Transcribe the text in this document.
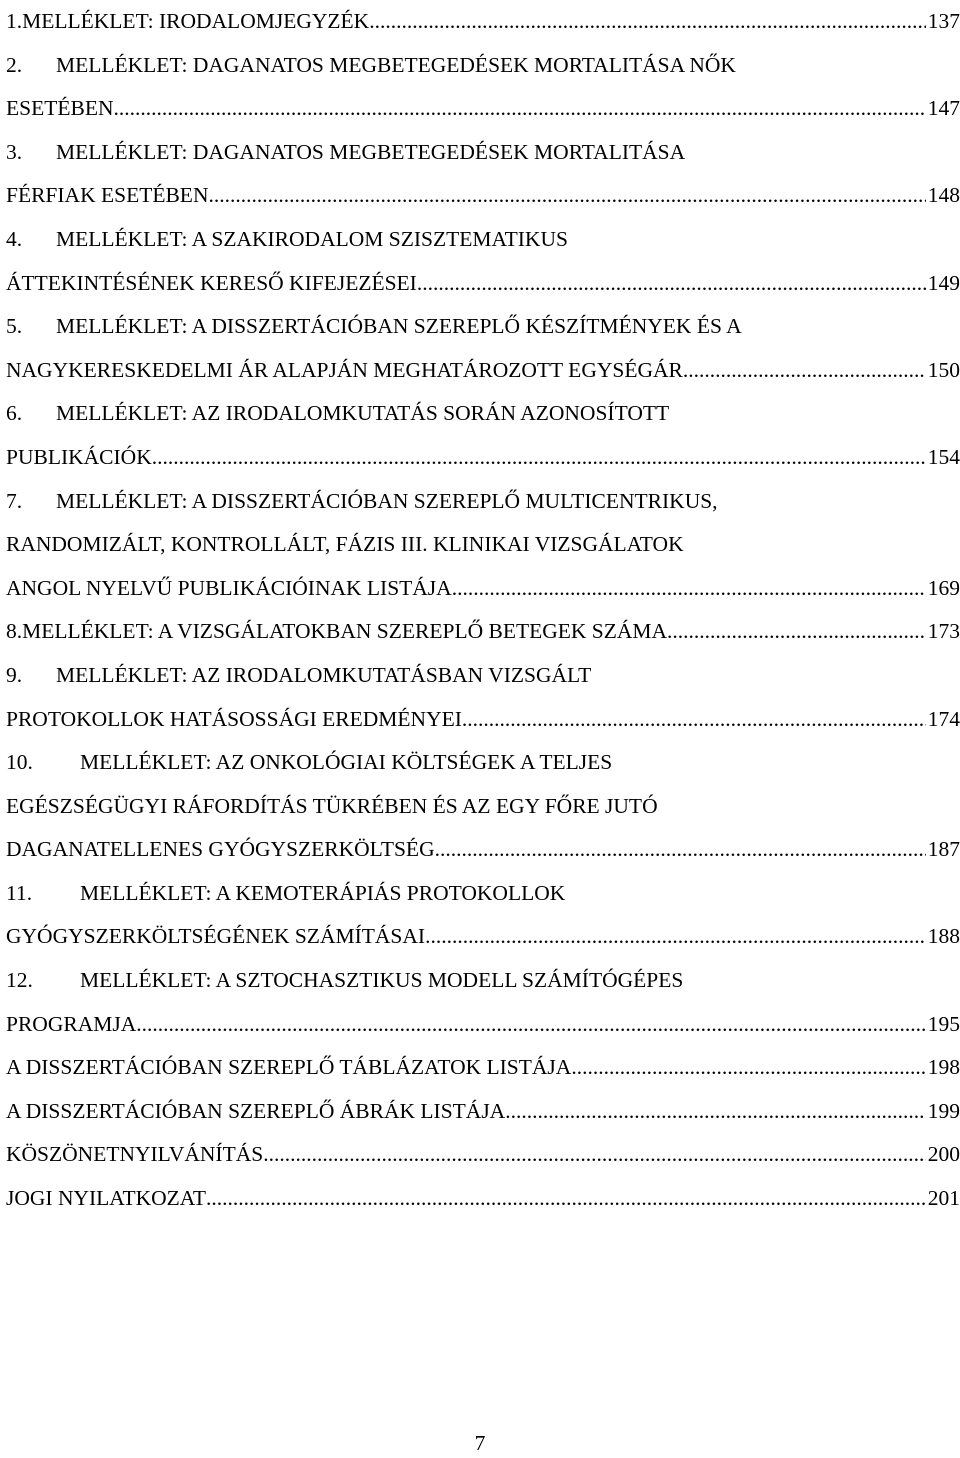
1. MELLÉKLET: IRODALOMJEGYZÉK .....	137
2. MELLÉKLET: DAGANATOS MEGBETEGEDÉSEK MORTALITÁSA NŐK
ESETÉBEN .....	147
3. MELLÉKLET: DAGANATOS MEGBETEGEDÉSEK MORTALITÁSA
FÉRFIAK ESETÉBEN .....	148
4. MELLÉKLET: A SZAKIRODALOM SZISZTEMATIKUS
ÁTTEKINTÉSÉNEK KERESŐ KIFEJEZÉSEI .....	149
5. MELLÉKLET: A DISSZERTÁCIÓBAN SZEREPLŐ KÉSZÍTMÉNYEK ÉS A
NAGYKERESKEDELMI ÁR ALAPJÁN MEGHATÁROZOTT EGYSÉGÁR .....	150
6. MELLÉKLET: AZ IRODALOMKUTATÁS SORÁN AZONOSÍTOTT
PUBLIKÁCIÓK .....	154
7. MELLÉKLET: A DISSZERTÁCIÓBAN SZEREPLŐ MULTICENTRIKUS,
RANDOMIZÁLT, KONTROLLÁLT, FÁZIS III. KLINIKAI VIZSGÁLATOK
ANGOL NYELVŰ PUBLIKÁCIÓINAK LISTÁJA .....	169
8. MELLÉKLET: A VIZSGÁLATOKBAN SZEREPLŐ BETEGEK SZÁMA .....	173
9. MELLÉKLET: AZ IRODALOMKUTATÁSBAN VIZSGÁLT
PROTOKOLLOK HATÁSOSSÁGI EREDMÉNYEI .....	174
10. MELLÉKLET: AZ ONKOLÓGIAI KÖLTSÉGEK A TELJES
EGÉSZSÉGÜGYI RÁFORDÍTÁS TÜKRÉBEN ÉS AZ EGY FŐRE JUTÓ
DAGANATELLENES GYÓGYSZERKÖLTSÉG .....	187
11. MELLÉKLET: A KEMOTERÁPIÁS PROTOKOLLOK
GYÓGYSZERKÖLTSÉGÉNEK SZÁMÍTÁSAI .....	188
12. MELLÉKLET: A SZTOCHASZTIKUS MODELL SZÁMÍTÓGÉPES
PROGRAMJA .....	195
A DISSZERTÁCIÓBAN SZEREPLŐ TÁBLÁZATOK LISTÁJA .....	198
A DISSZERTÁCIÓBAN SZEREPLŐ ÁBRÁK LISTÁJA .....	199
KÖSZÖNETNYILVÁNÍTÁS .....	200
JOGI NYILATKOZAT .....	201
7
